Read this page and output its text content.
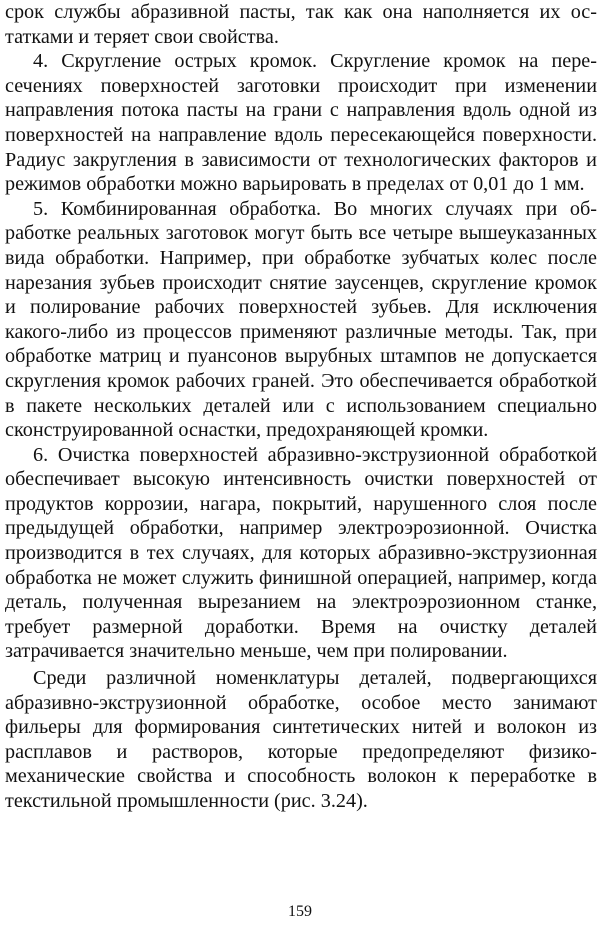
срок службы абразивной пасты, так как она наполняется их остатками и теряет свои свойства.

4. Скругление острых кромок. Скругление кромок на пересечениях поверхностей заготовки происходит при изменении направления потока пасты на грани с направления вдоль одной из поверхностей на направление вдоль пересекающейся поверхности. Радиус закругления в зависимости от технологических факторов и режимов обработки можно варьировать в пределах от 0,01 до 1 мм.

5. Комбинированная обработка. Во многих случаях при обработке реальных заготовок могут быть все четыре вышеуказанных вида обработки. Например, при обработке зубчатых колес после нарезания зубьев происходит снятие заусенцев, скругление кромок и полирование рабочих поверхностей зубьев. Для исключения какого-либо из процессов применяют различные методы. Так, при обработке матриц и пуансонов вырубных штампов не допускается скругления кромок рабочих граней. Это обеспечивается обработкой в пакете нескольких деталей или с использованием специально сконструированной оснастки, предохраняющей кромки.

6. Очистка поверхностей абразивно-экструзионной обработкой обеспечивает высокую интенсивность очистки поверхностей от продуктов коррозии, нагара, покрытий, нарушенного слоя после предыдущей обработки, например электроэрозионной. Очистка производится в тех случаях, для которых абразивно-экструзионная обработка не может служить финишной операцией, например, когда деталь, полученная вырезанием на электроэрозионном станке, требует размерной доработки. Время на очистку деталей затрачивается значительно меньше, чем при полировании.

Среди различной номенклатуры деталей, подвергающихся абразивно-экструзионной обработке, особое место занимают фильеры для формирования синтетических нитей и волокон из расплавов и растворов, которые предопределяют физико-механические свойства и способность волокон к переработке в текстильной промышленности (рис. 3.24).

159
